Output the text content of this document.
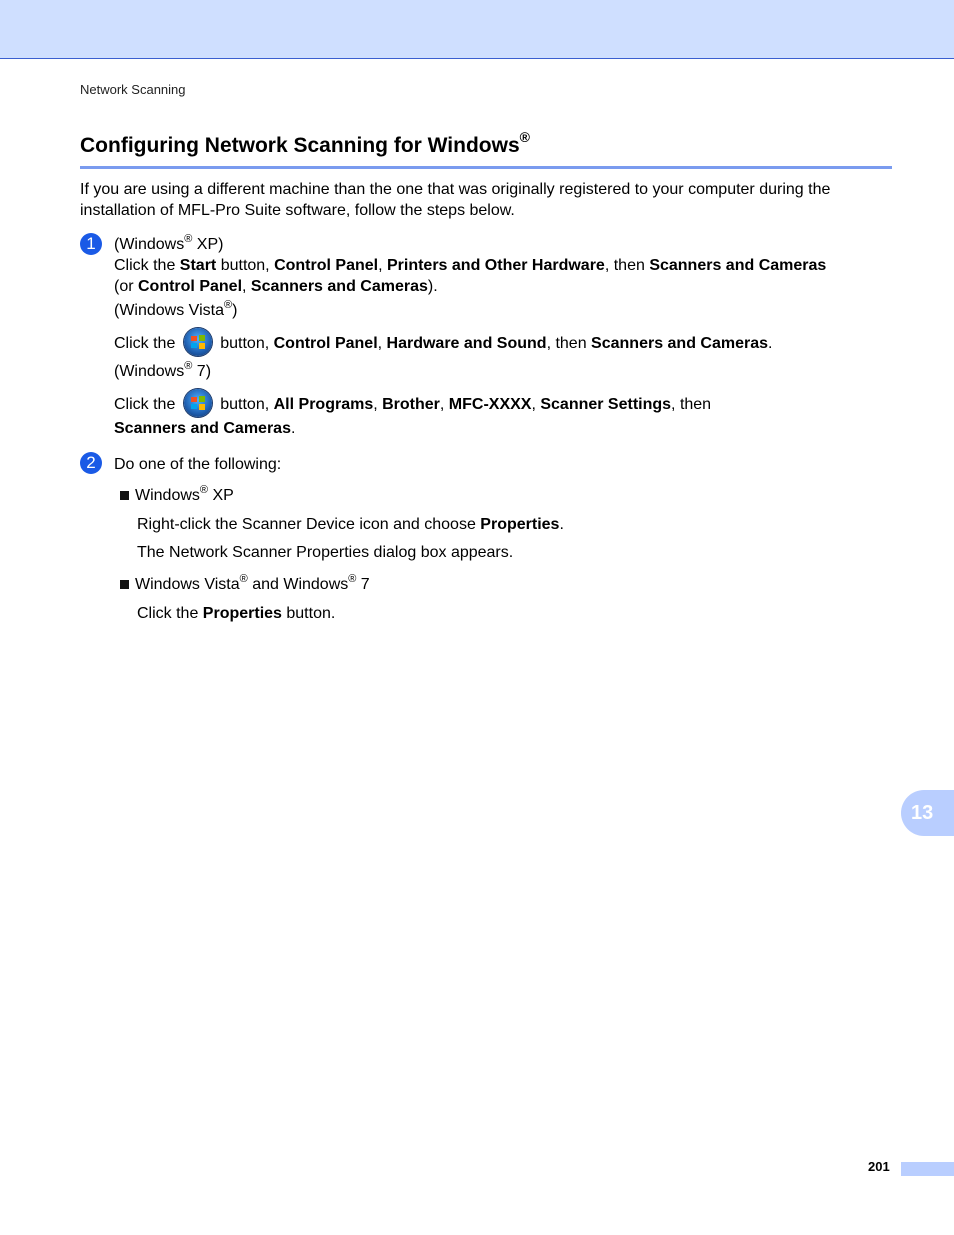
Network Scanning
Configuring Network Scanning for Windows®
If you are using a different machine than the one that was originally registered to your computer during the installation of MFL-Pro Suite software, follow the steps below.
1	(Windows® XP)
Click the Start button, Control Panel, Printers and Other Hardware, then Scanners and Cameras
(or Control Panel, Scanners and Cameras).
(Windows Vista®)
Click the
button, Control Panel, Hardware and Sound, then Scanners and Cameras.
(Windows® 7)
Click the
button, All Programs, Brother, MFC-XXXX, Scanner Settings, then
Scanners and Cameras.
2	Do one of the following:
Windows® XP
Right-click the Scanner Device icon and choose Properties.
The Network Scanner Properties dialog box appears.
Windows Vista® and Windows® 7
Click the Properties button.
13
201
